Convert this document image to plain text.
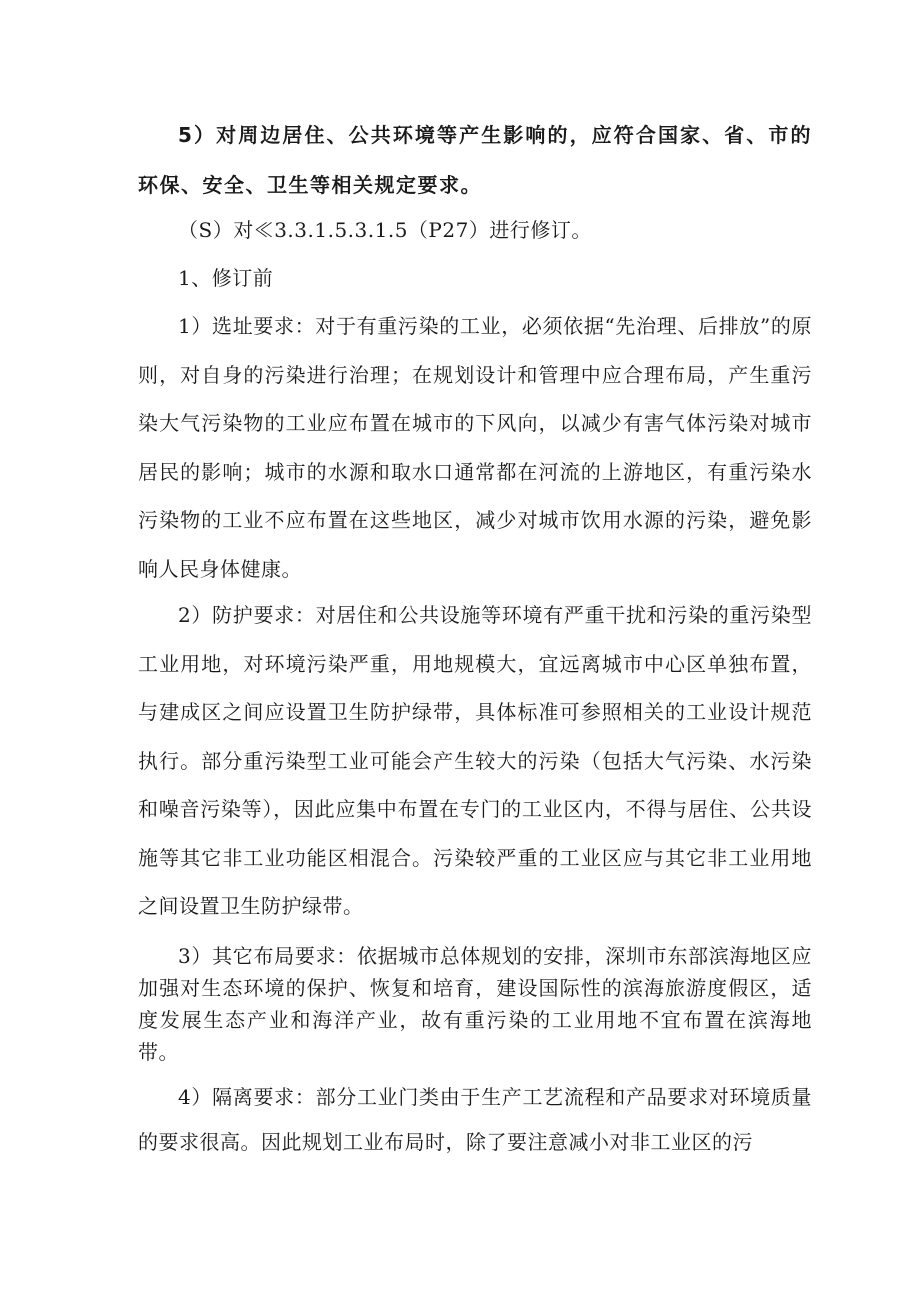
5）对周边居住、公共环境等产生影响的，应符合国家、省、市的环保、安全、卫生等相关规定要求。

（S）对≪3.3.1.5.3.1.5（P27）进行修订。

1、修订前

1）选址要求：对于有重污染的工业，必须依据“先治理、后排放”的原则，对自身的污染进行治理；在规划设计和管理中应合理布局，产生重污染大气污染物的工业应布置在城市的下风向，以减少有害气体污染对城市居民的影响；城市的水源和取水口通常都在河流的上游地区，有重污染水污染物的工业不应布置在这些地区，减少对城市饮用水源的污染，避免影响人民身体健康。

2）防护要求：对居住和公共设施等环境有严重干扰和污染的重污染型工业用地，对环境污染严重，用地规模大，宜远离城市中心区单独布置，与建成区之间应设置卫生防护绿带，具体标准可参照相关的工业设计规范执行。部分重污染型工业可能会产生较大的污染（包括大气污染、水污染和噪音污染等），因此应集中布置在专门的工业区内，不得与居住、公共设施等其它非工业功能区相混合。污染较严重的工业区应与其它非工业用地之间设置卫生防护绿带。

3）其它布局要求：依据城市总体规划的安排，深圳市东部滨海地区应加强对生态环境的保护、恢复和培育，建设国际性的滨海旅游度假区，适度发展生态产业和海洋产业，故有重污染的工业用地不宜布置在滨海地带。

4）隔离要求：部分工业门类由于生产工艺流程和产品要求对环境质量的要求很高。因此规划工业布局时，除了要注意减小对非工业区的污
